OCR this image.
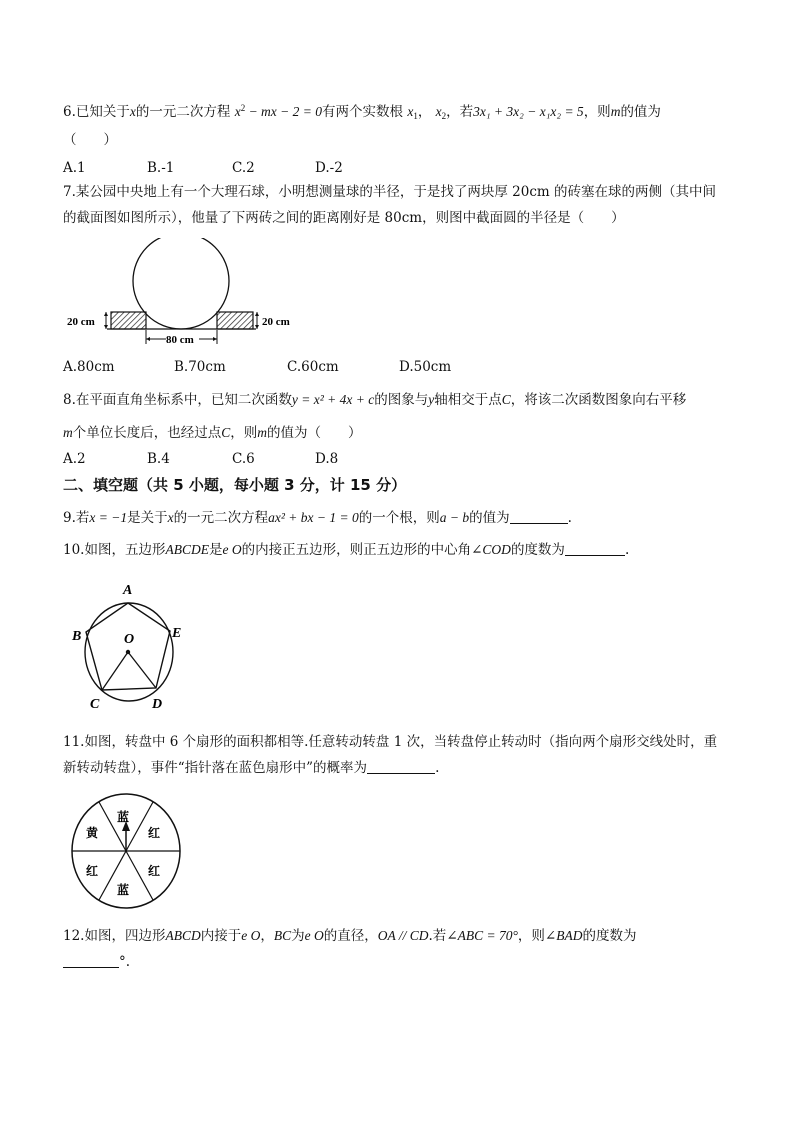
6.已知关于x的一元二次方程 $x^2$ − mx − 2 = 0有两个实数根 $x_1$， $x_2$，若3x₁ + 3x₂ − x₁x₂ = 5，则m的值为
（　　）
A.1	B.-1	C.2	D.-2
7.某公园中央地上有一个大理石球，小明想测量球的半径，于是找了两块厚 20cm 的砖塞在球的两侧（其中间
的截面图如图所示），他量了下两砖之间的距离刚好是 80cm，则图中截面圆的半径是（　　）
20 cm	20 cm
80 cm
A.80cm	B.70cm	C.60cm	D.50cm
8.在平面直角坐标系中，已知二次函数y = x² + 4x + c的图象与y轴相交于点C，将该二次函数图象向右平移
m个单位长度后，也经过点C，则m的值为（　　）
A.2	B.4	C.6	D.8
二、填空题（共 5 小题，每小题 3 分，计 15 分）
9.若x = −1是关于x的一元二次方程ax² + bx − 1 = 0的一个根，则a − b的值为	.
10.如图，五边形ABCDE是e O的内接正五边形，则正五边形的中心角∠COD的度数为	.
A
B
C	D
E
O
11.如图，转盘中 6 个扇形的面积都相等.任意转动转盘 1 次，当转盘停止转动时（指向两个扇形交线处时，重
新转动转盘），事件“指针落在蓝色扇形中”的概率为	.
蓝
红
红
蓝
红
黄
12.如图，四边形ABCD内接于e O，BC为e O的直径，OA // CD.若∠ABC = 70°，则∠BAD的度数为
°.
